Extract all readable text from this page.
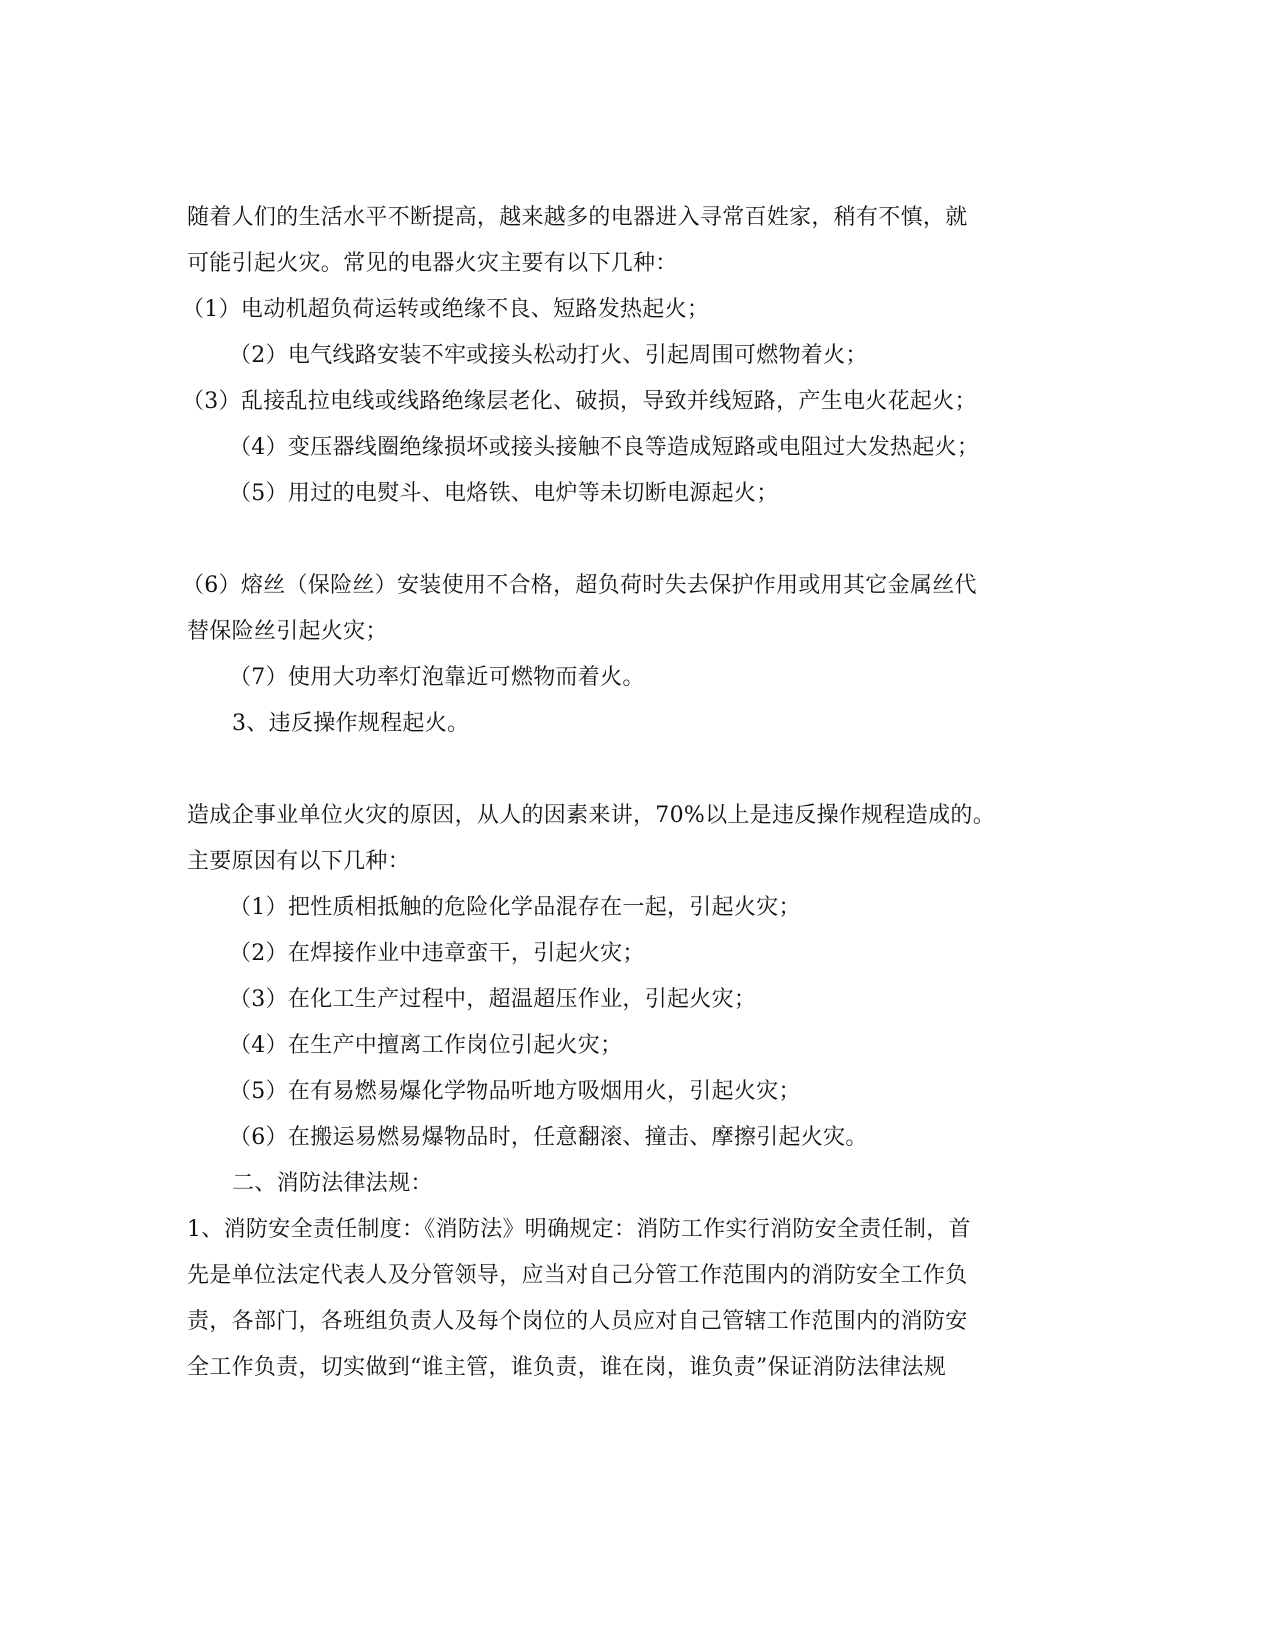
随着人们的生活水平不断提高，越来越多的电器进入寻常百姓家，稍有不慎，就
可能引起火灾。常见的电器火灾主要有以下几种：
（1）电动机超负荷运转或绝缘不良、短路发热起火；
（2）电气线路安装不牢或接头松动打火、引起周围可燃物着火；
（3）乱接乱拉电线或线路绝缘层老化、破损，导致并线短路，产生电火花起火；
（4）变压器线圈绝缘损坏或接头接触不良等造成短路或电阻过大发热起火；
（5）用过的电熨斗、电烙铁、电炉等未切断电源起火；
（6）熔丝（保险丝）安装使用不合格，超负荷时失去保护作用或用其它金属丝代
替保险丝引起火灾；
（7）使用大功率灯泡靠近可燃物而着火。
3、违反操作规程起火。
造成企事业单位火灾的原因，从人的因素来讲，70%以上是违反操作规程造成的。
主要原因有以下几种：
（1）把性质相抵触的危险化学品混存在一起，引起火灾；
（2）在焊接作业中违章蛮干，引起火灾；
（3）在化工生产过程中，超温超压作业，引起火灾；
（4）在生产中擅离工作岗位引起火灾；
（5）在有易燃易爆化学物品听地方吸烟用火，引起火灾；
（6）在搬运易燃易爆物品时，任意翻滚、撞击、摩擦引起火灾。
二、消防法律法规：
1、消防安全责任制度：《消防法》明确规定：消防工作实行消防安全责任制，首
先是单位法定代表人及分管领导，应当对自己分管工作范围内的消防安全工作负
责，各部门，各班组负责人及每个岗位的人员应对自己管辖工作范围内的消防安
全工作负责，切实做到“谁主管，谁负责，谁在岗，谁负责”保证消防法律法规
